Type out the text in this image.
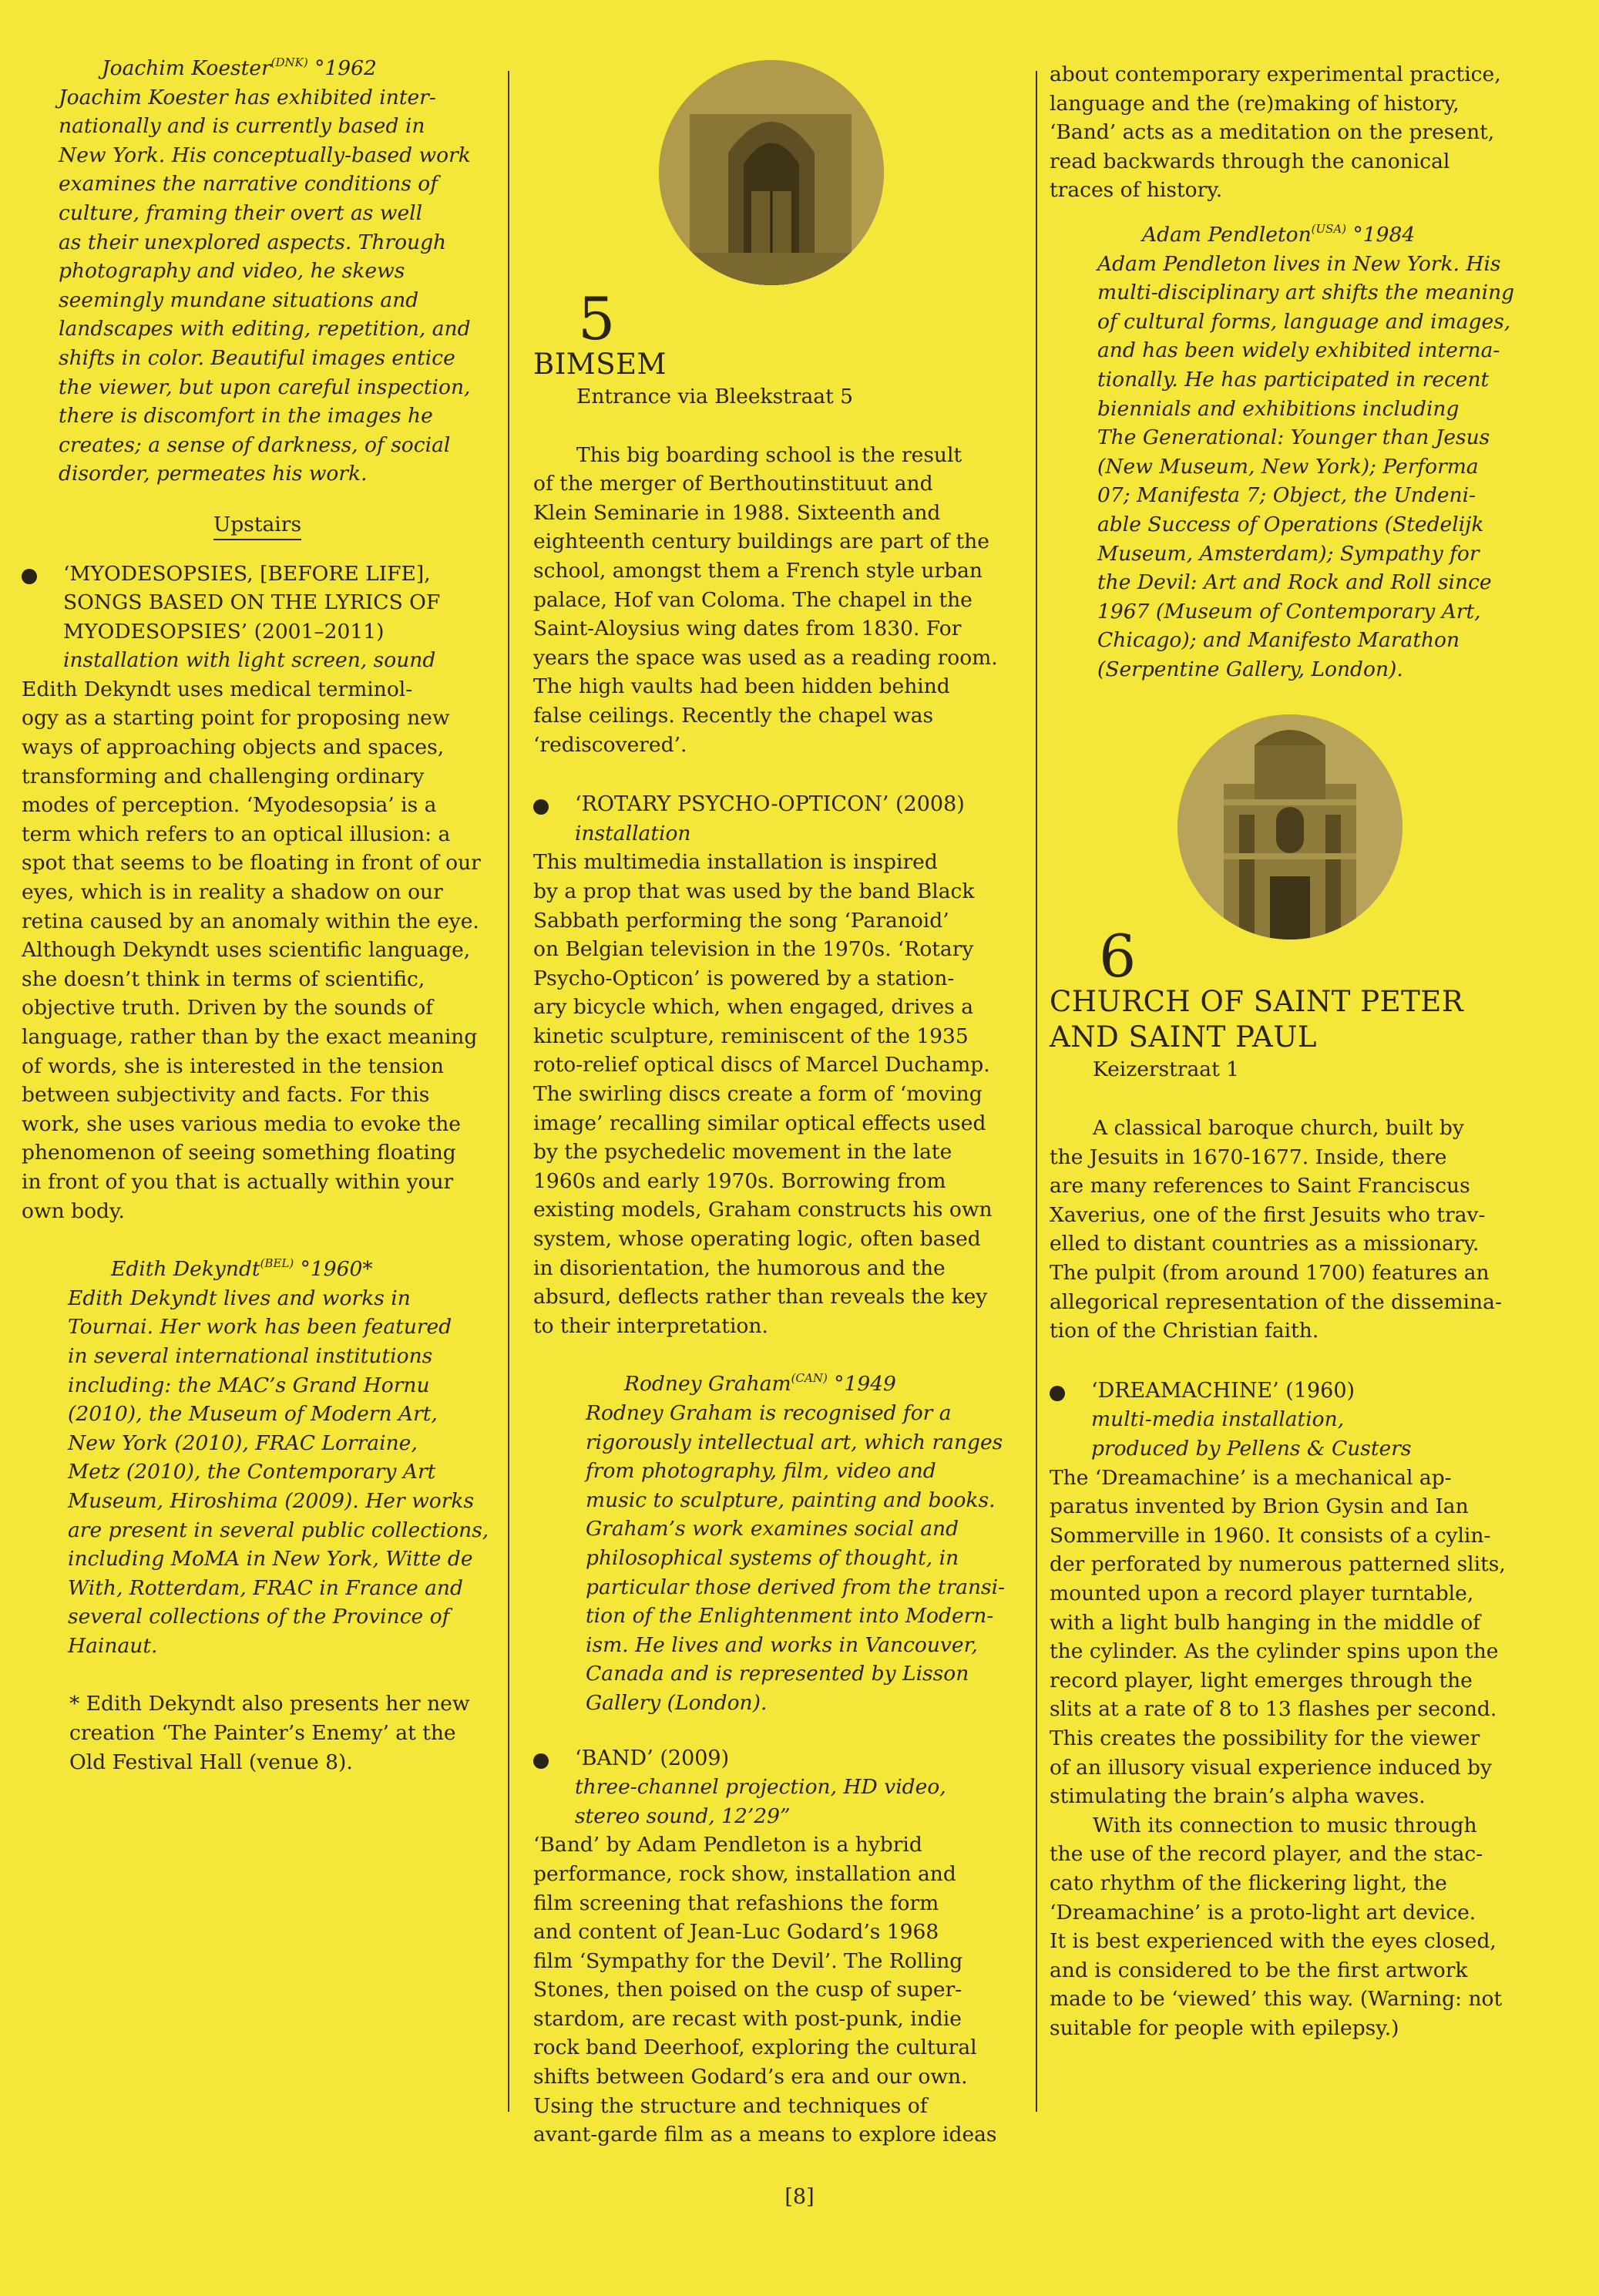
Joachim Koester$^{(DNK)}$ °1962

Joachim Koester has exhibited inter-

nationally and is currently based in

New York. His conceptually-based work

examines the narrative conditions of

culture, framing their overt as well

as their unexplored aspects. Through

photography and video, he skews

seemingly mundane situations and

landscapes with editing, repetition, and

shifts in color. Beautiful images entice

the viewer, but upon careful inspection,

there is discomfort in the images he

creates; a sense of darkness, of social

disorder, permeates his work.

Upstairs

‘MYODESOPSIES, [BEFORE LIFE],

SONGS BASED ON THE LYRICS OF

MYODESOPSIES’ (2001–2011)

installation with light screen, sound

Edith Dekyndt uses medical terminol-

ogy as a starting point for proposing new

ways of approaching objects and spaces,

transforming and challenging ordinary

modes of perception. ‘Myodesopsia’ is a

term which refers to an optical illusion: a

spot that seems to be floating in front of our

eyes, which is in reality a shadow on our

retina caused by an anomaly within the eye.

Although Dekyndt uses scientific language,

she doesn’t think in terms of scientific,

objective truth. Driven by the sounds of

language, rather than by the exact meaning

of words, she is interested in the tension

between subjectivity and facts. For this

work, she uses various media to evoke the

phenomenon of seeing something floating

in front of you that is actually within your

own body.

Edith Dekyndt$^{(BEL)}$ °1960*

Edith Dekyndt lives and works in

Tournai. Her work has been featured

in several international institutions

including: the MAC’s Grand Hornu

(2010), the Museum of Modern Art,

New York (2010), FRAC Lorraine,

Metz (2010), the Contemporary Art

Museum, Hiroshima (2009). Her works

are present in several public collections,

including MoMA in New York, Witte de

With, Rotterdam, FRAC in France and

several collections of the Province of

Hainaut.

* Edith Dekyndt also presents her new

creation ‘The Painter’s Enemy’ at the

Old Festival Hall (venue 8).

5

BIMSEM

Entrance via Bleekstraat 5

This big boarding school is the result

of the merger of Berthoutinstituut and

Klein Seminarie in 1988. Sixteenth and

eighteenth century buildings are part of the

school, amongst them a French style urban

palace, Hof van Coloma. The chapel in the

Saint-Aloysius wing dates from 1830. For

years the space was used as a reading room.

The high vaults had been hidden behind

false ceilings. Recently the chapel was

‘rediscovered’.

‘ROTARY PSYCHO-OPTICON’ (2008)

installation

This multimedia installation is inspired

by a prop that was used by the band Black

Sabbath performing the song ‘Paranoid’

on Belgian television in the 1970s. ‘Rotary

Psycho-Opticon’ is powered by a station-

ary bicycle which, when engaged, drives a

kinetic sculpture, reminiscent of the 1935

roto-relief optical discs of Marcel Duchamp.

The swirling discs create a form of ‘moving

image’ recalling similar optical effects used

by the psychedelic movement in the late

1960s and early 1970s. Borrowing from

existing models, Graham constructs his own

system, whose operating logic, often based

in disorientation, the humorous and the

absurd, deflects rather than reveals the key

to their interpretation.

Rodney Graham$^{(CAN)}$ °1949

Rodney Graham is recognised for a

rigorously intellectual art, which ranges

from photography, film, video and

music to sculpture, painting and books.

Graham’s work examines social and

philosophical systems of thought, in

particular those derived from the transi-

tion of the Enlightenment into Modern-

ism. He lives and works in Vancouver,

Canada and is represented by Lisson

Gallery (London).

‘BAND’ (2009)

three-channel projection, HD video,

stereo sound, 12’29”

‘Band’ by Adam Pendleton is a hybrid

performance, rock show, installation and

film screening that refashions the form

and content of Jean-Luc Godard’s 1968

film ‘Sympathy for the Devil’. The Rolling

Stones, then poised on the cusp of super-

stardom, are recast with post-punk, indie

rock band Deerhoof, exploring the cultural

shifts between Godard’s era and our own.

Using the structure and techniques of

avant-garde film as a means to explore ideas

about contemporary experimental practice,

language and the (re)making of history,

‘Band’ acts as a meditation on the present,

read backwards through the canonical

traces of history.

Adam Pendleton$^{(USA)}$ °1984

Adam Pendleton lives in New York. His

multi-disciplinary art shifts the meaning

of cultural forms, language and images,

and has been widely exhibited interna-

tionally. He has participated in recent

biennials and exhibitions including

The Generational: Younger than Jesus

(New Museum, New York); Performa

07; Manifesta 7; Object, the Undeni-

able Success of Operations (Stedelijk

Museum, Amsterdam); Sympathy for

the Devil: Art and Rock and Roll since

1967 (Museum of Contemporary Art,

Chicago); and Manifesto Marathon

(Serpentine Gallery, London).

6

CHURCH OF SAINT PETER

AND SAINT PAUL

Keizerstraat 1

A classical baroque church, built by

the Jesuits in 1670-1677. Inside, there

are many references to Saint Franciscus

Xaverius, one of the first Jesuits who trav-

elled to distant countries as a missionary.

The pulpit (from around 1700) features an

allegorical representation of the dissemina-

tion of the Christian faith.

‘DREAMACHINE’ (1960)

multi-media installation,

produced by Pellens & Custers

The ‘Dreamachine’ is a mechanical ap-

paratus invented by Brion Gysin and Ian

Sommerville in 1960. It consists of a cylin-

der perforated by numerous patterned slits,

mounted upon a record player turntable,

with a light bulb hanging in the middle of

the cylinder. As the cylinder spins upon the

record player, light emerges through the

slits at a rate of 8 to 13 flashes per second.

This creates the possibility for the viewer

of an illusory visual experience induced by

stimulating the brain’s alpha waves.

With its connection to music through

the use of the record player, and the stac-

cato rhythm of the flickering light, the

‘Dreamachine’ is a proto-light art device.

It is best experienced with the eyes closed,

and is considered to be the first artwork

made to be ‘viewed’ this way. (Warning: not

suitable for people with epilepsy.)

[8]
